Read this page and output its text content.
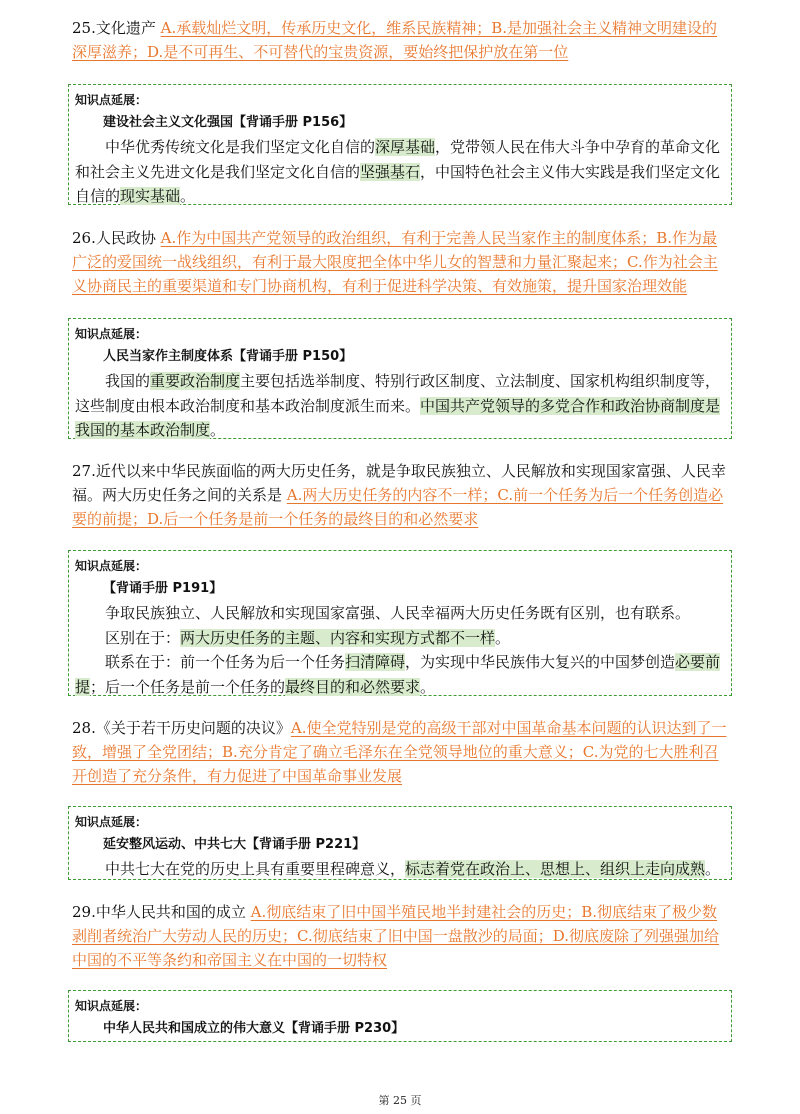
25.文化遗产 A.承载灿烂文明，传承历史文化，维系民族精神；B.是加强社会主义精神文明建设的深厚滋养；D.是不可再生、不可替代的宝贵资源，要始终把保护放在第一位

知识点延展：
建设社会主义文化强国【背诵手册 P156】

中华优秀传统文化是我们坚定文化自信的深厚基础，党带领人民在伟大斗争中孕育的革命文化和社会主义先进文化是我们坚定文化自信的坚强基石，中国特色社会主义伟大实践是我们坚定文化自信的现实基础。

26.人民政协 A.作为中国共产党领导的政治组织，有利于完善人民当家作主的制度体系；B.作为最广泛的爱国统一战线组织，有利于最大限度把全体中华儿女的智慧和力量汇聚起来；C.作为社会主义协商民主的重要渠道和专门协商机构，有利于促进科学决策、有效施策，提升国家治理效能

知识点延展：
人民当家作主制度体系【背诵手册 P150】

我国的重要政治制度主要包括选举制度、特别行政区制度、立法制度、国家机构组织制度等，这些制度由根本政治制度和基本政治制度派生而来。中国共产党领导的多党合作和政治协商制度是我国的基本政治制度。

27.近代以来中华民族面临的两大历史任务，就是争取民族独立、人民解放和实现国家富强、人民幸福。两大历史任务之间的关系是 A.两大历史任务的内容不一样；C.前一个任务为后一个任务创造必要的前提；D.后一个任务是前一个任务的最终目的和必然要求

知识点延展：
【背诵手册 P191】

争取民族独立、人民解放和实现国家富强、人民幸福两大历史任务既有区别，也有联系。

区别在于：两大历史任务的主题、内容和实现方式都不一样。

联系在于：前一个任务为后一个任务扫清障碍，为实现中华民族伟大复兴的中国梦创造必要前提；后一个任务是前一个任务的最终目的和必然要求。

28.《关于若干历史问题的决议》A.使全党特别是党的高级干部对中国革命基本问题的认识达到了一致，增强了全党团结；B.充分肯定了确立毛泽东在全党领导地位的重大意义；C.为党的七大胜利召开创造了充分条件，有力促进了中国革命事业发展

知识点延展：
延安整风运动、中共七大【背诵手册 P221】

中共七大在党的历史上具有重要里程碑意义，标志着党在政治上、思想上、组织上走向成熟。

29.中华人民共和国的成立 A.彻底结束了旧中国半殖民地半封建社会的历史；B.彻底结束了极少数剥削者统治广大劳动人民的历史；C.彻底结束了旧中国一盘散沙的局面；D.彻底废除了列强强加给中国的不平等条约和帝国主义在中国的一切特权

知识点延展：
中华人民共和国成立的伟大意义【背诵手册 P230】
第 25 页
